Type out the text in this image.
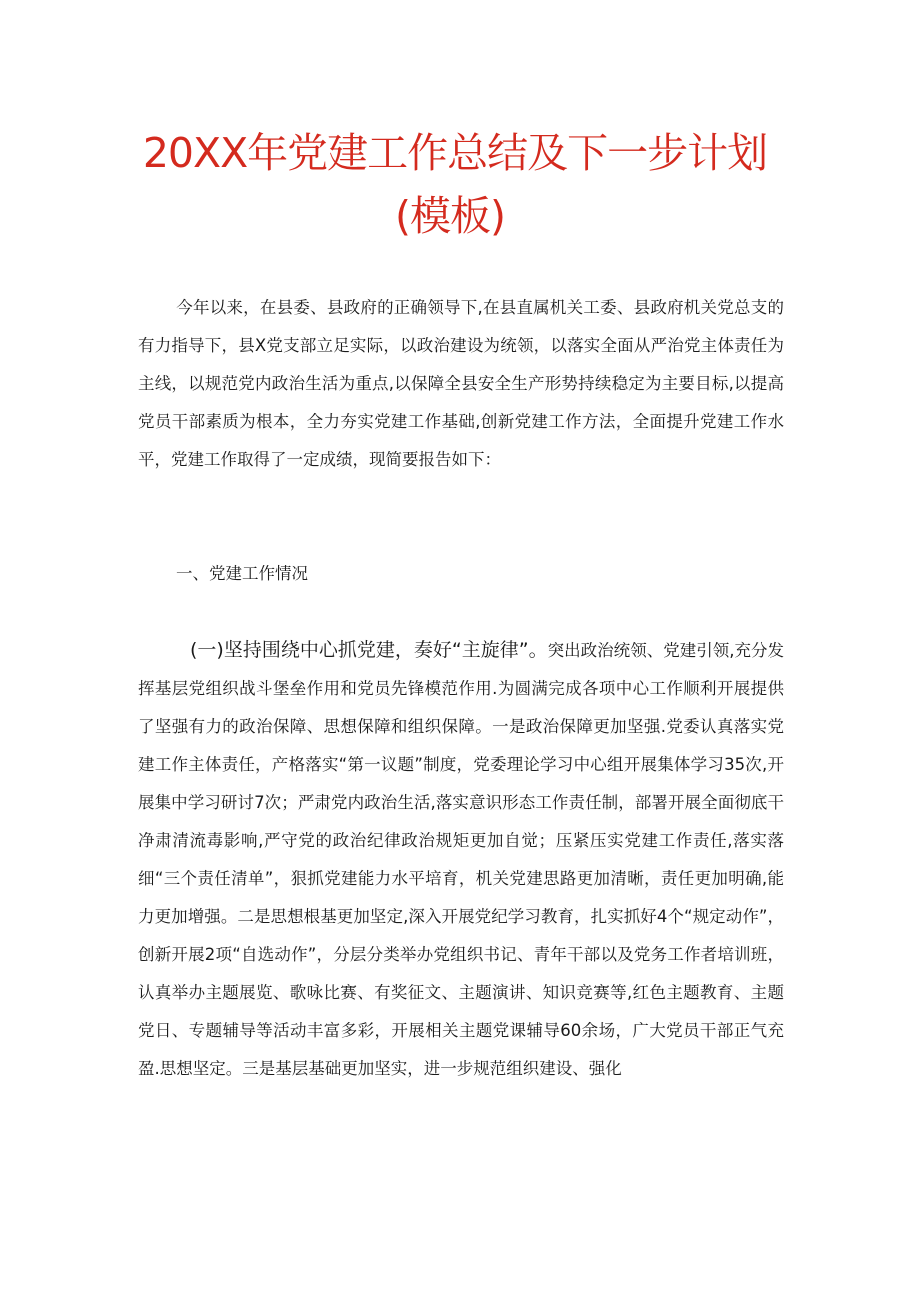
20XX年党建工作总结及下一步计划
(模板)

今年以来，在县委、县政府的正确领导下,在县直属机关工委、县政府机关党总支的有力指导下，县X党支部立足实际，以政治建设为统领，以落实全面从严治党主体责任为主线，以规范党内政治生活为重点,以保障全县安全生产形势持续稳定为主要目标,以提高党员干部素质为根本，全力夯实党建工作基础,创新党建工作方法，全面提升党建工作水平，党建工作取得了一定成绩，现简要报告如下：

一、党建工作情况

(一)坚持围绕中心抓党建，奏好“主旋律”。突出政治统领、党建引领,充分发挥基层党组织战斗堡垒作用和党员先锋模范作用.为圆满完成各项中心工作顺利开展提供了坚强有力的政治保障、思想保障和组织保障。一是政治保障更加坚强.党委认真落实党建工作主体责任，产格落实“第一议题”制度，党委理论学习中心组开展集体学习35次,开展集中学习研讨7次；严肃党内政治生活,落实意识形态工作责任制，部署开展全面彻底干净肃清流毒影响,严守党的政治纪律政治规矩更加自觉；压紧压实党建工作责任,落实落细“三个责任清单”，狠抓党建能力水平培育，机关党建思路更加清晰，责任更加明确,能力更加增强。二是思想根基更加坚定,深入开展党纪学习教育，扎实抓好4个“规定动作”，创新开展2项“自选动作”，分层分类举办党组织书记、青年干部以及党务工作者培训班，认真举办主题展览、歌咏比赛、有奖征文、主题演讲、知识竞赛等,红色主题教育、主题党日、专题辅导等活动丰富多彩，开展相关主题党课辅导60余场，广大党员干部正气充盈.思想坚定。三是基层基础更加坚实，进一步规范组织建设、强化
